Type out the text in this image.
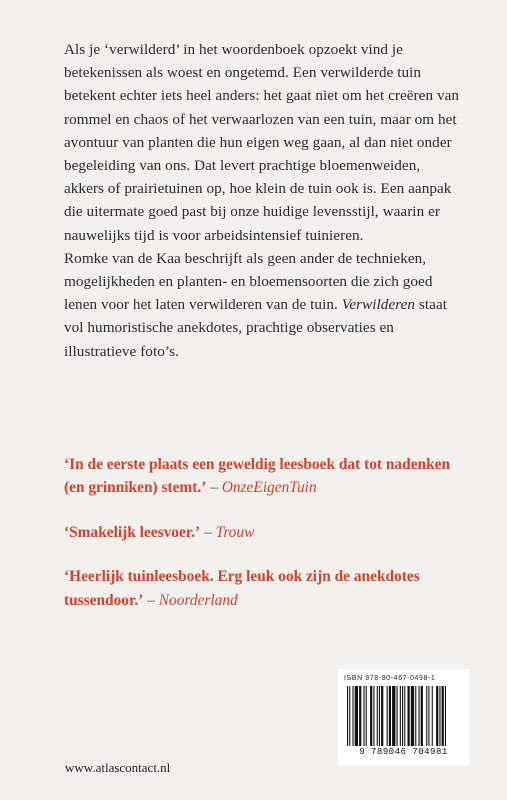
Als je ‘verwilderd’ in het woordenboek opzoekt vind je betekenissen als woest en ongetemd. Een verwilderde tuin betekent echter iets heel anders: het gaat niet om het creëren van rommel en chaos of het verwaarlozen van een tuin, maar om het avontuur van planten die hun eigen weg gaan, al dan niet onder begeleiding van ons. Dat levert prachtige bloemenweiden, akkers of prairietuinen op, hoe klein de tuin ook is. Een aanpak die uitermate goed past bij onze huidige levensstijl, waarin er nauwelijks tijd is voor arbeidsintensief tuinieren.

Romke van de Kaa beschrijft als geen ander de technieken, mogelijkheden en planten- en bloemensoorten die zich goed lenen voor het laten verwilderen van de tuin. Verwilderen staat vol humoristische anekdotes, prachtige observaties en illustratieve foto’s.

‘In de eerste plaats een geweldig leesboek dat tot nadenken (en grinniken) stemt.’ – OnzeEigenTuin

‘Smakelijk leesvoer.’ – Trouw

‘Heerlijk tuinleesboek. Erg leuk ook zijn de anekdotes tussendoor.’ – Noorderland

ISBN 978-90-467-0498-1
9 789046 704981
www.atlascontact.nl
